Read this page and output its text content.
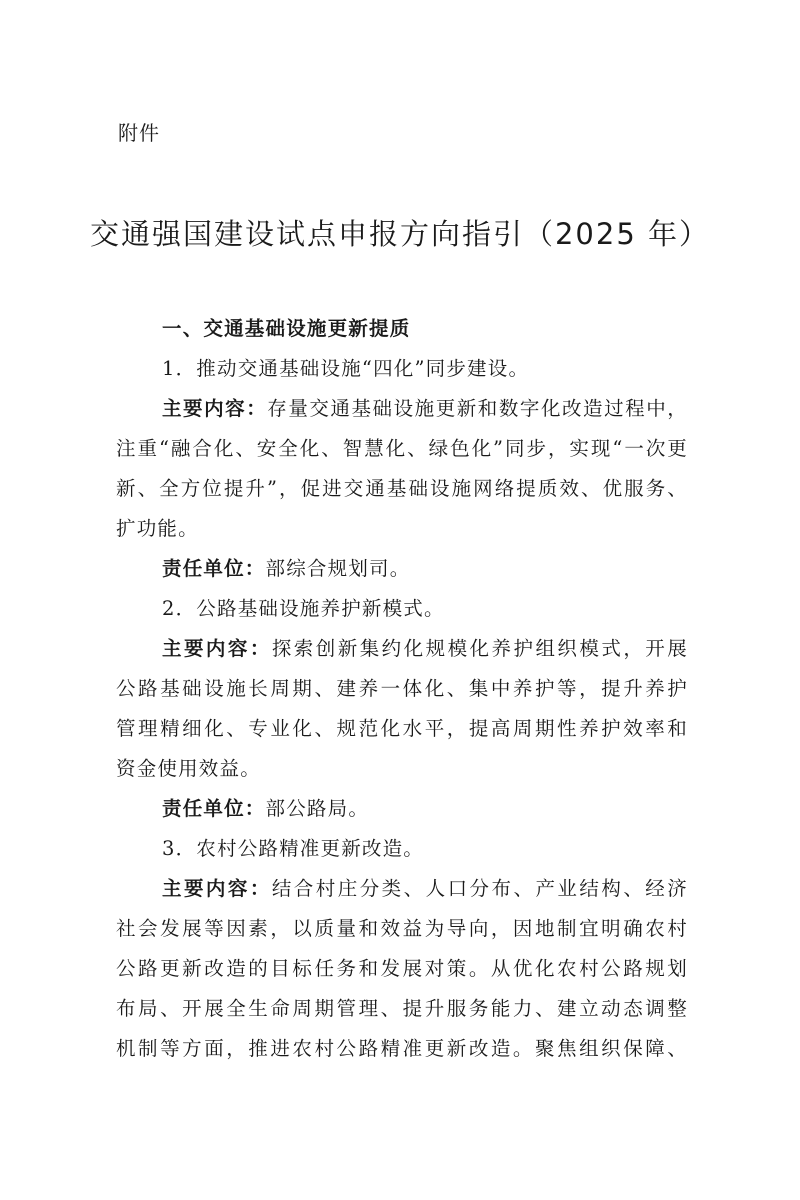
附件
交通强国建设试点申报方向指引（2025 年）
一、交通基础设施更新提质
1．推动交通基础设施“四化”同步建设。
主要内容：存量交通基础设施更新和数字化改造过程中，
注重“融合化、安全化、智慧化、绿色化”同步，实现“一次更
新、全方位提升”，促进交通基础设施网络提质效、优服务、
扩功能。
责任单位：部综合规划司。
2．公路基础设施养护新模式。
主要内容：探索创新集约化规模化养护组织模式，开展
公路基础设施长周期、建养一体化、集中养护等，提升养护
管理精细化、专业化、规范化水平，提高周期性养护效率和
资金使用效益。
责任单位：部公路局。
3．农村公路精准更新改造。
主要内容：结合村庄分类、人口分布、产业结构、经济
社会发展等因素，以质量和效益为导向，因地制宜明确农村
公路更新改造的目标任务和发展对策。从优化农村公路规划
布局、开展全生命周期管理、提升服务能力、建立动态调整
机制等方面，推进农村公路精准更新改造。聚焦组织保障、
